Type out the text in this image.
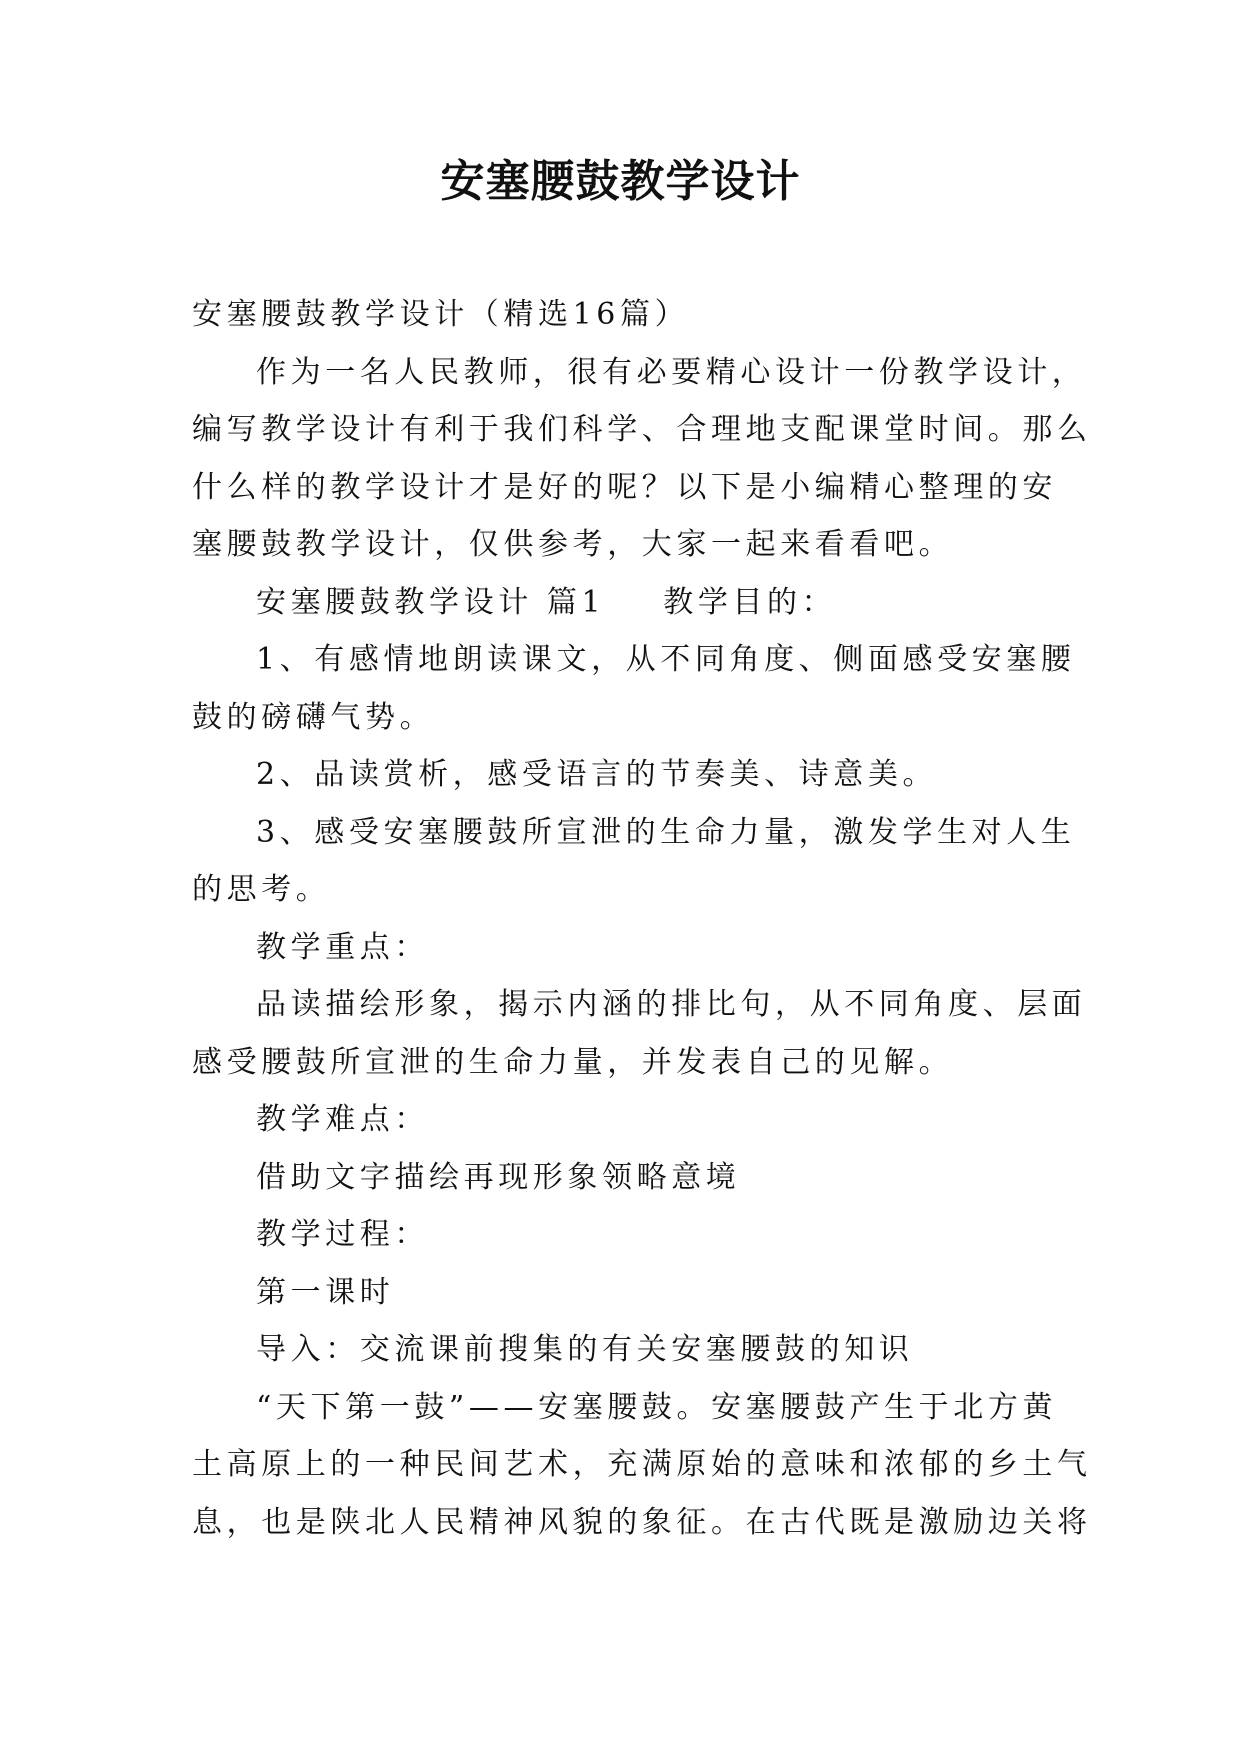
安塞腰鼓教学设计

安塞腰鼓教学设计（精选16篇）

作为一名人民教师，很有必要精心设计一份教学设计，

编写教学设计有利于我们科学、合理地支配课堂时间。那么

什么样的教学设计才是好的呢？以下是小编精心整理的安

塞腰鼓教学设计，仅供参考，大家一起来看看吧。

安塞腰鼓教学设计 篇1 教学目的：

1、有感情地朗读课文，从不同角度、侧面感受安塞腰

鼓的磅礴气势。

2、品读赏析，感受语言的节奏美、诗意美。

3、感受安塞腰鼓所宣泄的生命力量，激发学生对人生

的思考。

教学重点：

品读描绘形象，揭示内涵的排比句，从不同角度、层面

感受腰鼓所宣泄的生命力量，并发表自己的见解。

教学难点：

借助文字描绘再现形象领略意境

教学过程：

第一课时

导入：交流课前搜集的有关安塞腰鼓的知识

“天下第一鼓”——安塞腰鼓。安塞腰鼓产生于北方黄

土高原上的一种民间艺术，充满原始的意味和浓郁的乡土气

息，也是陕北人民精神风貌的象征。在古代既是激励边关将
